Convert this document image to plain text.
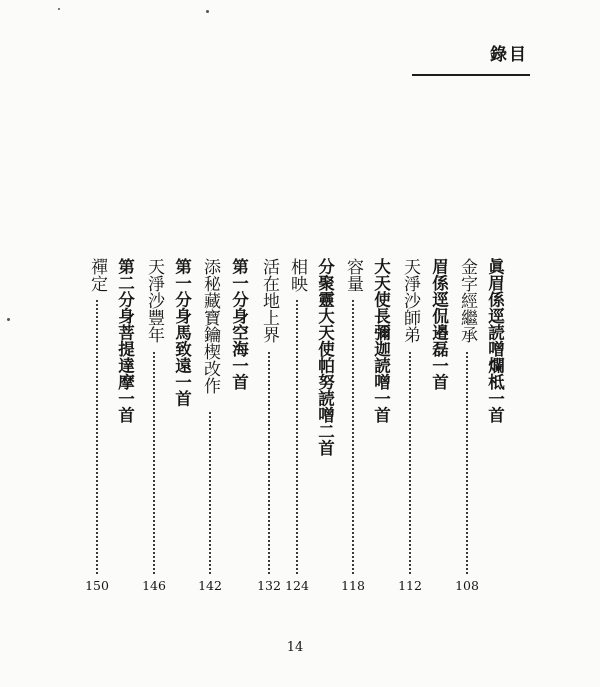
錄目
眞眉係逕読噌爛柢一首
金字經繼承
108
眉係逕侃邉磊一首
天淨沙師弟
112
大天使長彌迦読噌一首
容量
118
分聚靈大天使帕努読噌二首
相映
124
活在地上界
132
第一分身空海一首
添秘藏寶鑰楔改作
142
第一分身馬致遠一首
天淨沙豐年
146
第二分身菩提達摩一首
禪定
150
14
